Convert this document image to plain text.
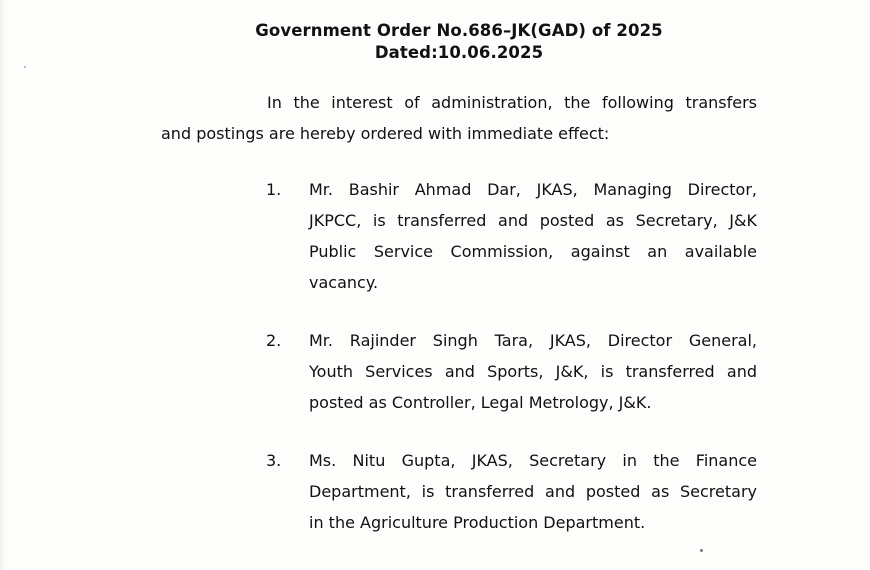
Government Order No.686–JK(GAD) of 2025
Dated:10.06.2025
In the interest of administration, the following transfers
and postings are hereby ordered with immediate effect:
1. Mr. Bashir Ahmad Dar, JKAS, Managing Director,
JKPCC, is transferred and posted as Secretary, J&K
Public Service Commission, against an available
vacancy.
2. Mr. Rajinder Singh Tara, JKAS, Director General,
Youth Services and Sports, J&K, is transferred and
posted as Controller, Legal Metrology, J&K.
3. Ms. Nitu Gupta, JKAS, Secretary in the Finance
Department, is transferred and posted as Secretary
in the Agriculture Production Department.
